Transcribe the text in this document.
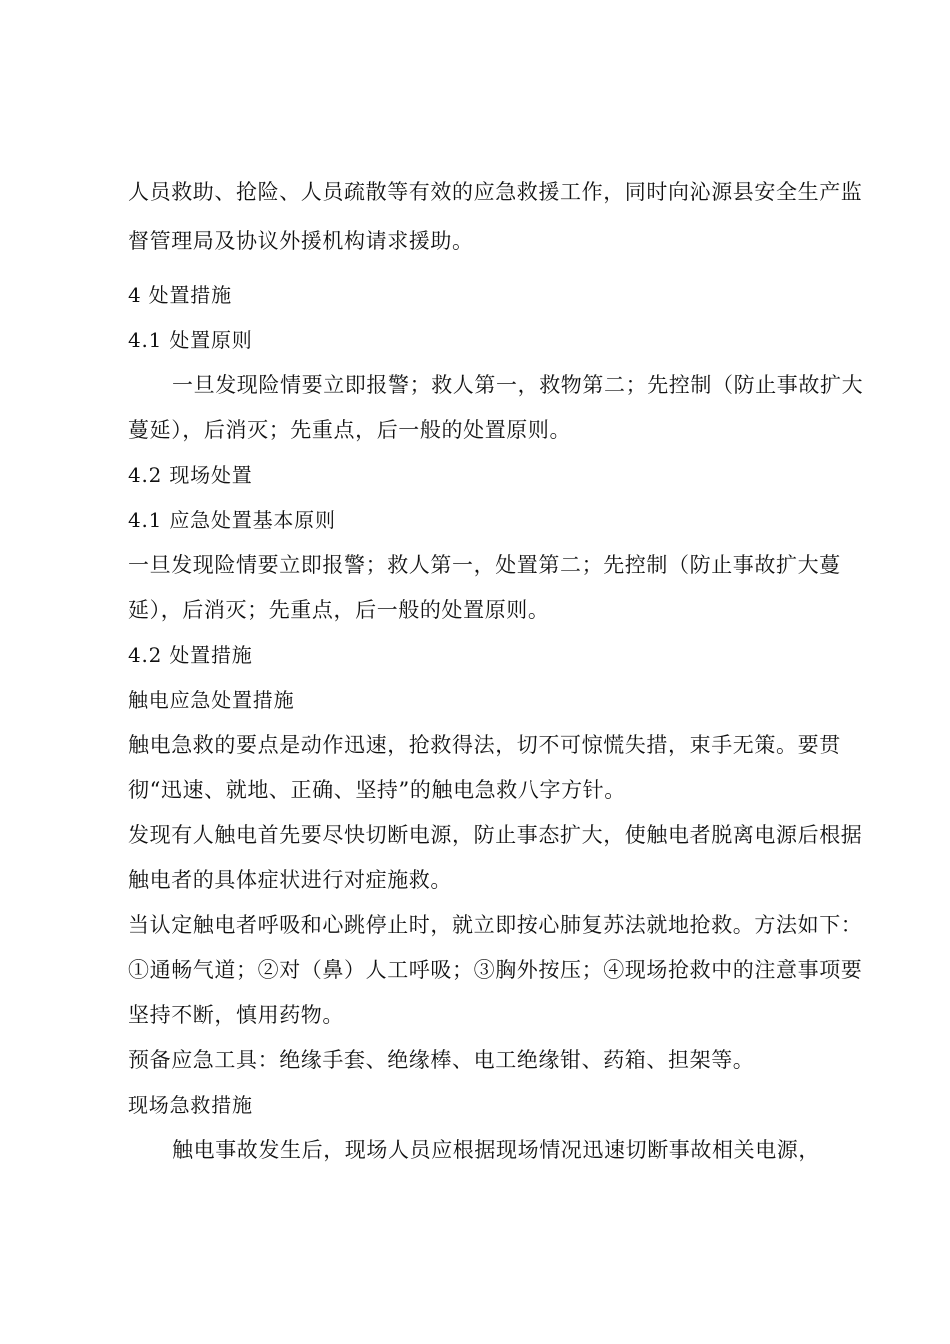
人员救助、抢险、人员疏散等有效的应急救援工作，同时向沁源县安全生产监
督管理局及协议外援机构请求援助。
4 处置措施
4.1 处置原则
一旦发现险情要立即报警；救人第一，救物第二；先控制（防止事故扩大
蔓延），后消灭；先重点，后一般的处置原则。
4.2 现场处置
4.1 应急处置基本原则
一旦发现险情要立即报警；救人第一，处置第二；先控制（防止事故扩大蔓
延），后消灭；先重点，后一般的处置原则。
4.2 处置措施
触电应急处置措施
触电急救的要点是动作迅速，抢救得法，切不可惊慌失措，束手无策。要贯
彻“迅速、就地、正确、坚持”的触电急救八字方针。
发现有人触电首先要尽快切断电源，防止事态扩大，使触电者脱离电源后根据
触电者的具体症状进行对症施救。
当认定触电者呼吸和心跳停止时，就立即按心肺复苏法就地抢救。方法如下：
①通畅气道；②对（鼻）人工呼吸；③胸外按压；④现场抢救中的注意事项要
坚持不断，慎用药物。
预备应急工具：绝缘手套、绝缘棒、电工绝缘钳、药箱、担架等。
现场急救措施
触电事故发生后，现场人员应根据现场情况迅速切断事故相关电源，
